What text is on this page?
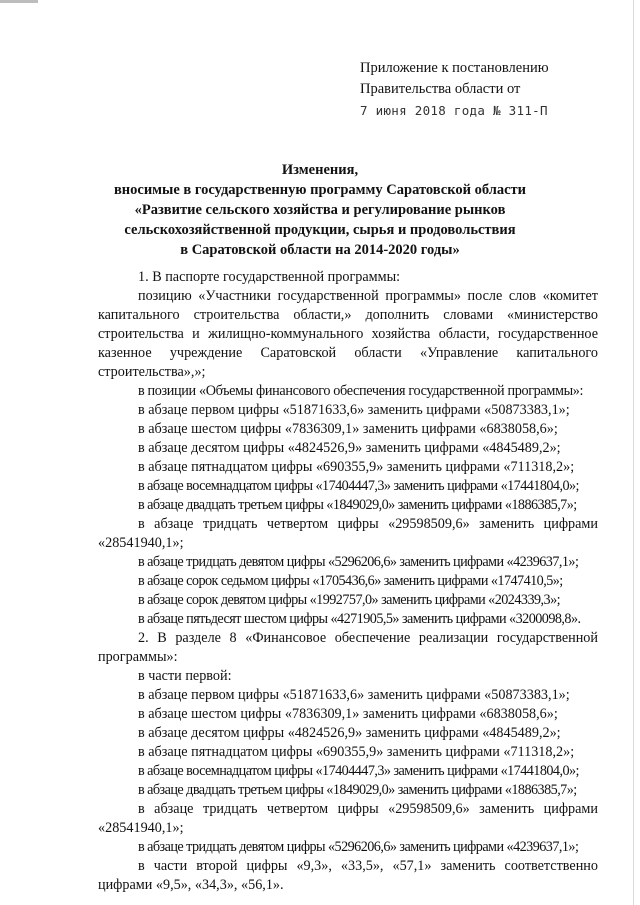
Приложение к постановлению
Правительства области от
7 июня 2018 года № 311-П
Изменения,
вносимые в государственную программу Саратовской области
«Развитие сельского хозяйства и регулирование рынков
сельскохозяйственной продукции, сырья и продовольствия
в Саратовской области на 2014-2020 годы»

1. В паспорте государственной программы:

позицию «Участники государственной программы» после слов «комитет капитального строительства области,» дополнить словами «министерство строительства и жилищно-коммунального хозяйства области, государственное казенное учреждение Саратовской области «Управление капитального строительства»,»;

в позиции «Объемы финансового обеспечения государственной программы»:

в абзаце первом цифры «51871633,6» заменить цифрами «50873383,1»;

в абзаце шестом цифры «7836309,1» заменить цифрами «6838058,6»;

в абзаце десятом цифры «4824526,9» заменить цифрами «4845489,2»;

в абзаце пятнадцатом цифры «690355,9» заменить цифрами «711318,2»;

в абзаце восемнадцатом цифры «17404447,3» заменить цифрами «17441804,0»;

в абзаце двадцать третьем цифры «1849029,0» заменить цифрами «1886385,7»;

в абзаце тридцать четвертом цифры «29598509,6» заменить цифрами «28541940,1»;

в абзаце тридцать девятом цифры «5296206,6» заменить цифрами «4239637,1»;

в абзаце сорок седьмом цифры «1705436,6» заменить цифрами «1747410,5»;

в абзаце сорок девятом цифры «1992757,0» заменить цифрами «2024339,3»;

в абзаце пятьдесят шестом цифры «4271905,5» заменить цифрами «3200098,8».

2. В разделе 8 «Финансовое обеспечение реализации государственной программы»:

в части первой:

в абзаце первом цифры «51871633,6» заменить цифрами «50873383,1»;

в абзаце шестом цифры «7836309,1» заменить цифрами «6838058,6»;

в абзаце десятом цифры «4824526,9» заменить цифрами «4845489,2»;

в абзаце пятнадцатом цифры «690355,9» заменить цифрами «711318,2»;

в абзаце восемнадцатом цифры «17404447,3» заменить цифрами «17441804,0»;

в абзаце двадцать третьем цифры «1849029,0» заменить цифрами «1886385,7»;

в абзаце тридцать четвертом цифры «29598509,6» заменить цифрами «28541940,1»;

в абзаце тридцать девятом цифры «5296206,6» заменить цифрами «4239637,1»;

в части второй цифры «9,3», «33,5», «57,1» заменить соответственно цифрами «9,5», «34,3», «56,1».
